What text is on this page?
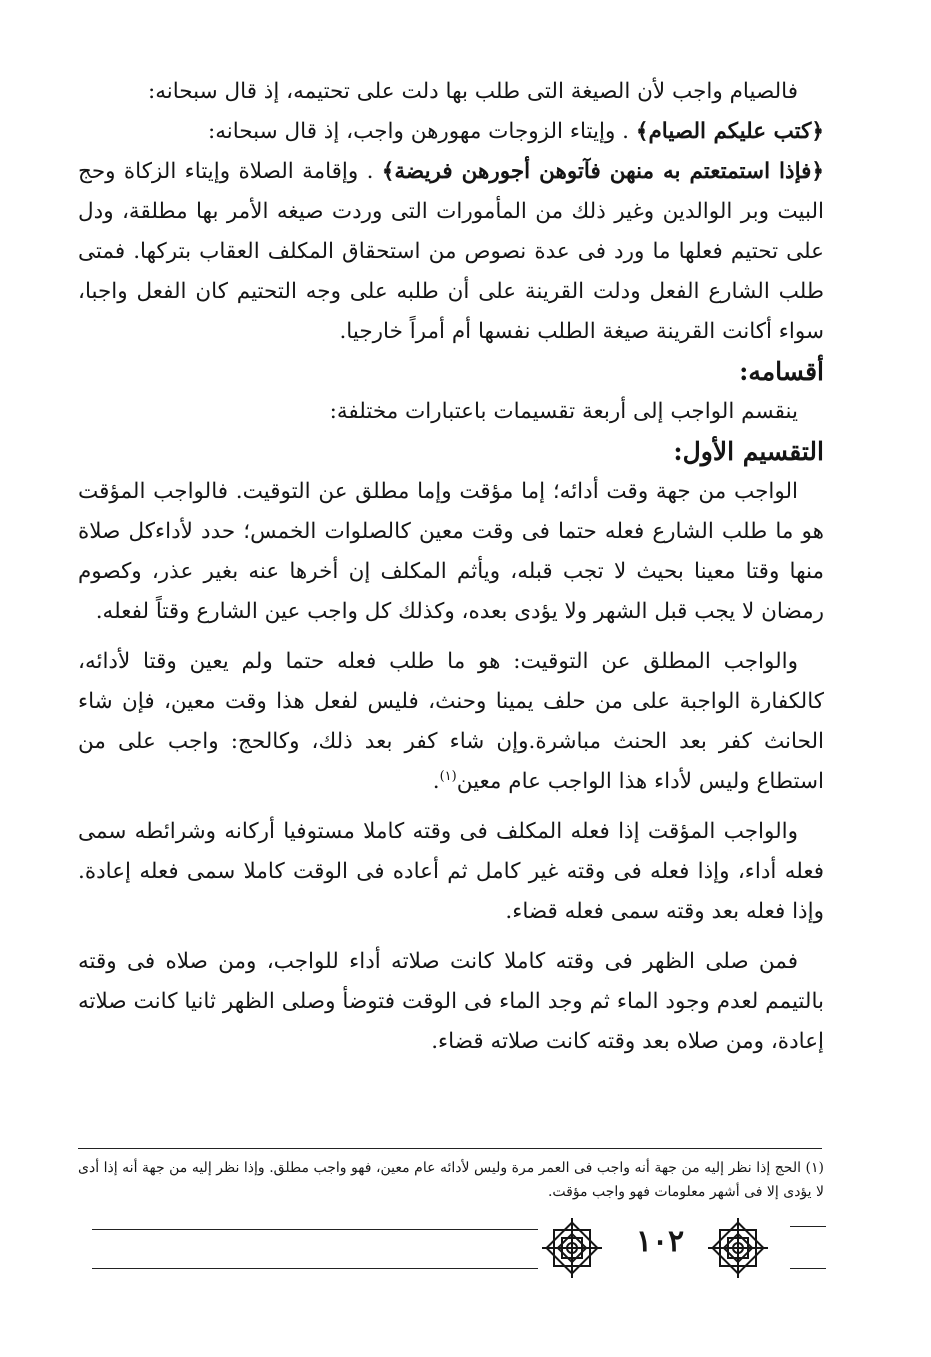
فالصيام واجب لأن الصيغة التى طلب بها دلت على تحتيمه، إذ قال سبحانه:

﴿كتب عليكم الصيام﴾ . وإيتاء الزوجات مهورهن واجب، إذ قال سبحانه:

﴿فإذا استمتعتم به منهن فآتوهن أجورهن فريضة﴾ . وإقامة الصلاة وإيتاء الزكاة وحج البيت وبر الوالدين وغير ذلك من المأمورات التى وردت صيغه الأمر بها مطلقة، ودل على تحتيم فعلها ما ورد فى عدة نصوص من استحقاق المكلف العقاب بتركها. فمتى طلب الشارع الفعل ودلت القرينة على أن طلبه على وجه التحتيم كان الفعل واجبا، سواء أكانت القرينة صيغة الطلب نفسها أم أمراً خارجيا.

أقسامه:

ينقسم الواجب إلى أربعة تقسيمات باعتبارات مختلفة:

التقسيم الأول:

الواجب من جهة وقت أدائه؛ إما مؤقت وإما مطلق عن التوقيت. فالواجب المؤقت هو ما طلب الشارع فعله حتما فى وقت معين كالصلوات الخمس؛ حدد لأداءكل صلاة منها وقتا معينا بحيث لا تجب قبله، ويأثم المكلف إن أخرها عنه بغير عذر، وكصوم رمضان لا يجب قبل الشهر ولا يؤدى بعده، وكذلك كل واجب عين الشارع وقتاً لفعله.

والواجب المطلق عن التوقيت: هو ما طلب فعله حتما ولم يعين وقتا لأدائه، كالكفارة الواجبة على من حلف يمينا وحنث، فليس لفعل هذا وقت معين، فإن شاء الحانث كفر بعد الحنث مباشرة.وإن شاء كفر بعد ذلك، وكالحج: واجب على من استطاع وليس لأداء هذا الواجب عام معين$^{(١)}$.

والواجب المؤقت إذا فعله المكلف فى وقته كاملا مستوفيا أركانه وشرائطه سمى فعله أداء، وإذا فعله فى وقته غير كامل ثم أعاده فى الوقت كاملا سمى فعله إعادة. وإذا فعله بعد وقته سمى فعله قضاء.

فمن صلى الظهر فى وقته كاملا كانت صلاته أداء للواجب، ومن صلاه فى وقته بالتيمم لعدم وجود الماء ثم وجد الماء فى الوقت فتوضأ وصلى الظهر ثانيا كانت صلاته إعادة، ومن صلاه بعد وقته كانت صلاته قضاء.

(١) الحج إذا نظر إليه من جهة أنه واجب فى العمر مرة وليس لأدائه عام معين، فهو واجب مطلق. وإذا نظر إليه من جهة أنه إذا أدى لا يؤدى إلا فى أشهر معلومات فهو واجب مؤقت.

١٠٢
